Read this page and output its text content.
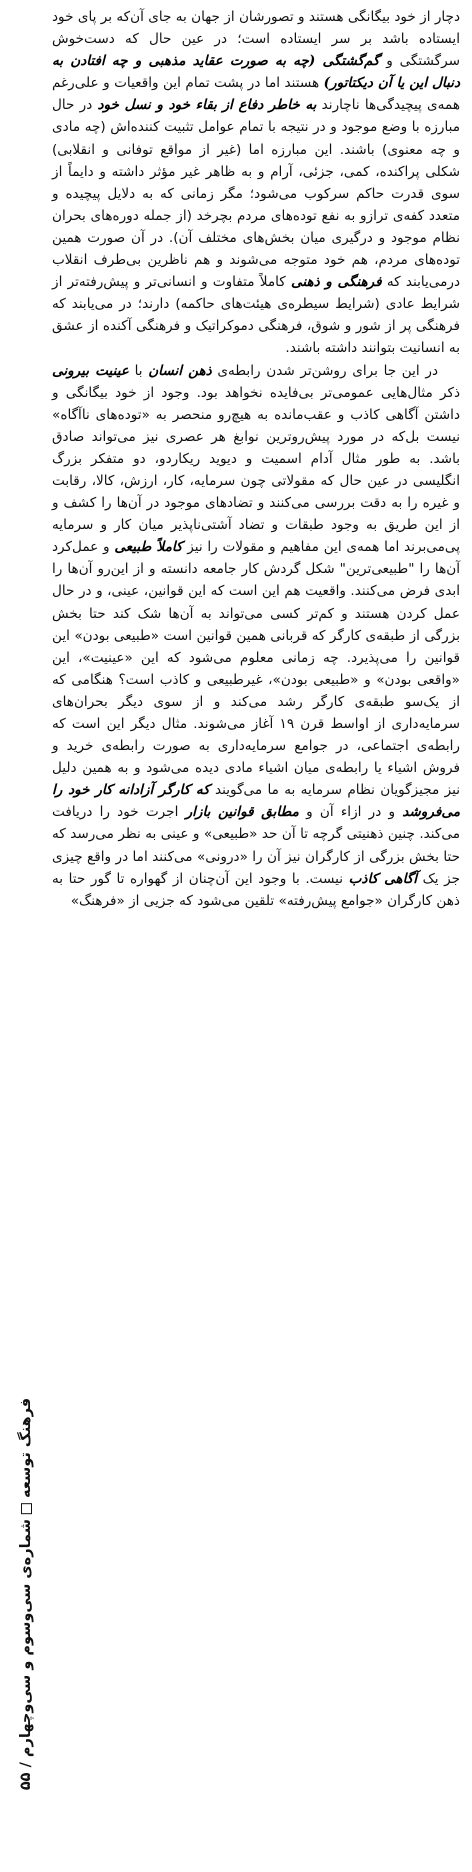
دچار از خود بیگانگی هستند و تصورشان از جهان به جای آن‌که بر پای خود ایستاده باشد بر سر ایستاده است؛ در عین حال که دست‌خوش سرگشتگی و گم‌گشتگی (چه به صورت عقاید مذهبی و چه افتادن به دنبال این یا آن دیکتاتور) هستند اما در پشت تمام این واقعیات و علی‌رغم همه‌ی پیچیدگی‌ها ناچارند به خاطر دفاع از بقاء خود و نسل خود در حال مبارزه با وضع موجود و در نتیجه با تمام عوامل تثبیت کننده‌اش (چه مادی و چه معنوی) باشند. این مبارزه اما (غیر از مواقع توفانی و انقلابی) شکلی پراکنده، کمی، جزئی، آرام و به ظاهر غیر مؤثر داشته و دایماً از سوی قدرت حاکم سرکوب می‌شود؛ مگر زمانی که به دلایل پیچیده و متعدد کفه‌ی ترازو به نفع توده‌های مردم بچرخد (از جمله دوره‌های بحران نظام موجود و درگیری میان بخش‌های مختلف آن). در آن صورت همین توده‌های مردم، هم خود متوجه می‌شوند و هم ناظرین بی‌طرف انقلاب درمی‌یابند که فرهنگی و ذهنی کاملاً متفاوت و انسانی‌تر و پیش‌رفته‌تر از شرایط عادی (شرایط سیطره‌ی هیئت‌های حاکمه) دارند؛ در می‌یابند که فرهنگی پر از شور و شوق، فرهنگی دموکراتیک و فرهنگی آکنده از عشق به انسانیت بتوانند داشته باشند.

در این جا برای روشن‌تر شدن رابطه‌ی ذهن انسان با عینیت بیرونی ذکر مثال‌هایی عمومی‌تر بی‌فایده نخواهد بود. وجود از خود بیگانگی و داشتن آگاهی کاذب و عقب‌مانده به هیچ‌رو منحصر به «توده‌های ناآگاه» نیست بل‌که در مورد پیش‌روترین نوابغ هر عصری نیز می‌تواند صادق باشد. به طور مثال آدام اسمیت و دیوید ریکاردو، دو متفکر بزرگ انگلیسی در عین حال که مقولاتی چون سرمایه، کار، ارزش، کالا، رقابت و غیره را به دقت بررسی می‌کنند و تضادهای موجود در آن‌ها را کشف و از این طریق به وجود طبقات و تضاد آشتی‌ناپذیر میان کار و سرمایه پی‌می‌برند اما همه‌ی این مفاهیم و مقولات را نیز کاملاً طبیعی و عمل‌کرد آن‌ها را "طبیعی‌ترین" شکل گردش کار جامعه دانسته و از این‌رو آن‌ها را ابدی فرض می‌کنند. واقعیت هم این است که این قوانین، عینی، و در حال عمل کردن هستند و کم‌تر کسی می‌تواند به آن‌ها شک کند حتا بخش بزرگی از طبقه‌ی کارگر که قربانی همین قوانین است «طبیعی بودن» این قوانین را می‌پذیرد. چه زمانی معلوم می‌شود که این «عینیت»، این «واقعی بودن» و «طبیعی بودن»، غیرطبیعی و کاذب است؟ هنگامی که از یک‌سو طبقه‌ی کارگر رشد می‌کند و از سوی دیگر بحران‌های سرمایه‌داری از اواسط قرن ۱۹ آغاز می‌شوند. مثال دیگر این است که رابطه‌ی اجتماعی، در جوامع سرمایه‌داری به صورت رابطه‌ی خرید و فروش اشیاء یا رابطه‌ی میان اشیاء مادی دیده می‌شود و به همین دلیل نیز مجیزگویان نظام سرمایه به ما می‌گویند که کارگر آزادانه کار خود را می‌فروشد و در ازاء آن و مطابق قوانین بازار اجرت خود را دریافت می‌کند. چنین ذهنیتی گرچه تا آن حد «طبیعی» و عینی به نظر می‌رسد که حتا بخش بزرگی از کارگران نیز آن را «درونی» می‌کنند اما در واقع چیزی جز یک آگاهی کاذب نیست. با وجود این آن‌چنان از گهواره تا گور حتا به ذهن کارگران «جوامع پیش‌رفته» تلقین می‌شود که جزیی از «فرهنگ»

فرهنگ توسعهشماره‌ی سی‌وسوم و سی‌وچهارم / ۵۵
